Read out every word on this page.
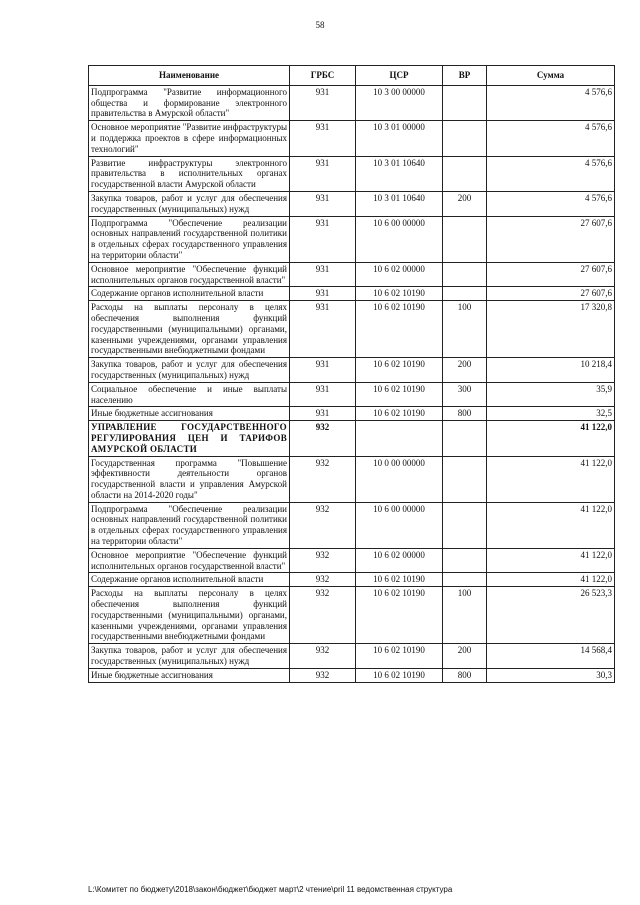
58
Наименование	ГРБС	ЦСР	ВР	Сумма
Подпрограмма "Развитие информационного общества и формирование электронного правительства в Амурской области"	931	10 3 00 00000		4 576,6
Основное мероприятие "Развитие инфраструктуры и поддержка проектов в сфере информационных технологий"	931	10 3 01 00000		4 576,6
Развитие инфраструктуры электронного правительства в исполнительных органах государственной власти Амурской области	931	10 3 01 10640		4 576,6
Закупка товаров, работ и услуг для обеспечения государственных (муниципальных) нужд	931	10 3 01 10640	200	4 576,6
Подпрограмма "Обеспечение реализации основных направлений государственной политики в отдельных сферах государственного управления на территории области"	931	10 6 00 00000		27 607,6
Основное мероприятие "Обеспечение функций исполнительных органов государственной власти"	931	10 6 02 00000		27 607,6
Содержание органов исполнительной власти	931	10 6 02 10190		27 607,6
Расходы на выплаты персоналу в целях обеспечения выполнения функций государственными (муниципальными) органами, казенными учреждениями, органами управления государственными внебюджетными фондами	931	10 6 02 10190	100	17 320,8
Закупка товаров, работ и услуг для обеспечения государственных (муниципальных) нужд	931	10 6 02 10190	200	10 218,4
Социальное обеспечение и иные выплаты населению	931	10 6 02 10190	300	35,9
Иные бюджетные ассигнования	931	10 6 02 10190	800	32,5
УПРАВЛЕНИЕ ГОСУДАРСТВЕННОГО РЕГУЛИРОВАНИЯ ЦЕН И ТАРИФОВ АМУРСКОЙ ОБЛАСТИ	932			41 122,0
Государственная программа "Повышение эффективности деятельности органов государственной власти и управления Амурской области на 2014-2020 годы"	932	10 0 00 00000		41 122,0
Подпрограмма "Обеспечение реализации основных направлений государственной политики в отдельных сферах государственного управления на территории области"	932	10 6 00 00000		41 122,0
Основное мероприятие "Обеспечение функций исполнительных органов государственной власти"	932	10 6 02 00000		41 122,0
Содержание органов исполнительной власти	932	10 6 02 10190		41 122,0
Расходы на выплаты персоналу в целях обеспечения выполнения функций государственными (муниципальными) органами, казенными учреждениями, органами управления государственными внебюджетными фондами	932	10 6 02 10190	100	26 523,3
Закупка товаров, работ и услуг для обеспечения государственных (муниципальных) нужд	932	10 6 02 10190	200	14 568,4
Иные бюджетные ассигнования	932	10 6 02 10190	800	30,3
L:\Комитет по бюджету\2018\закон\бюджет\бюджет март\2 чтение\pril 11 ведомственная структура
